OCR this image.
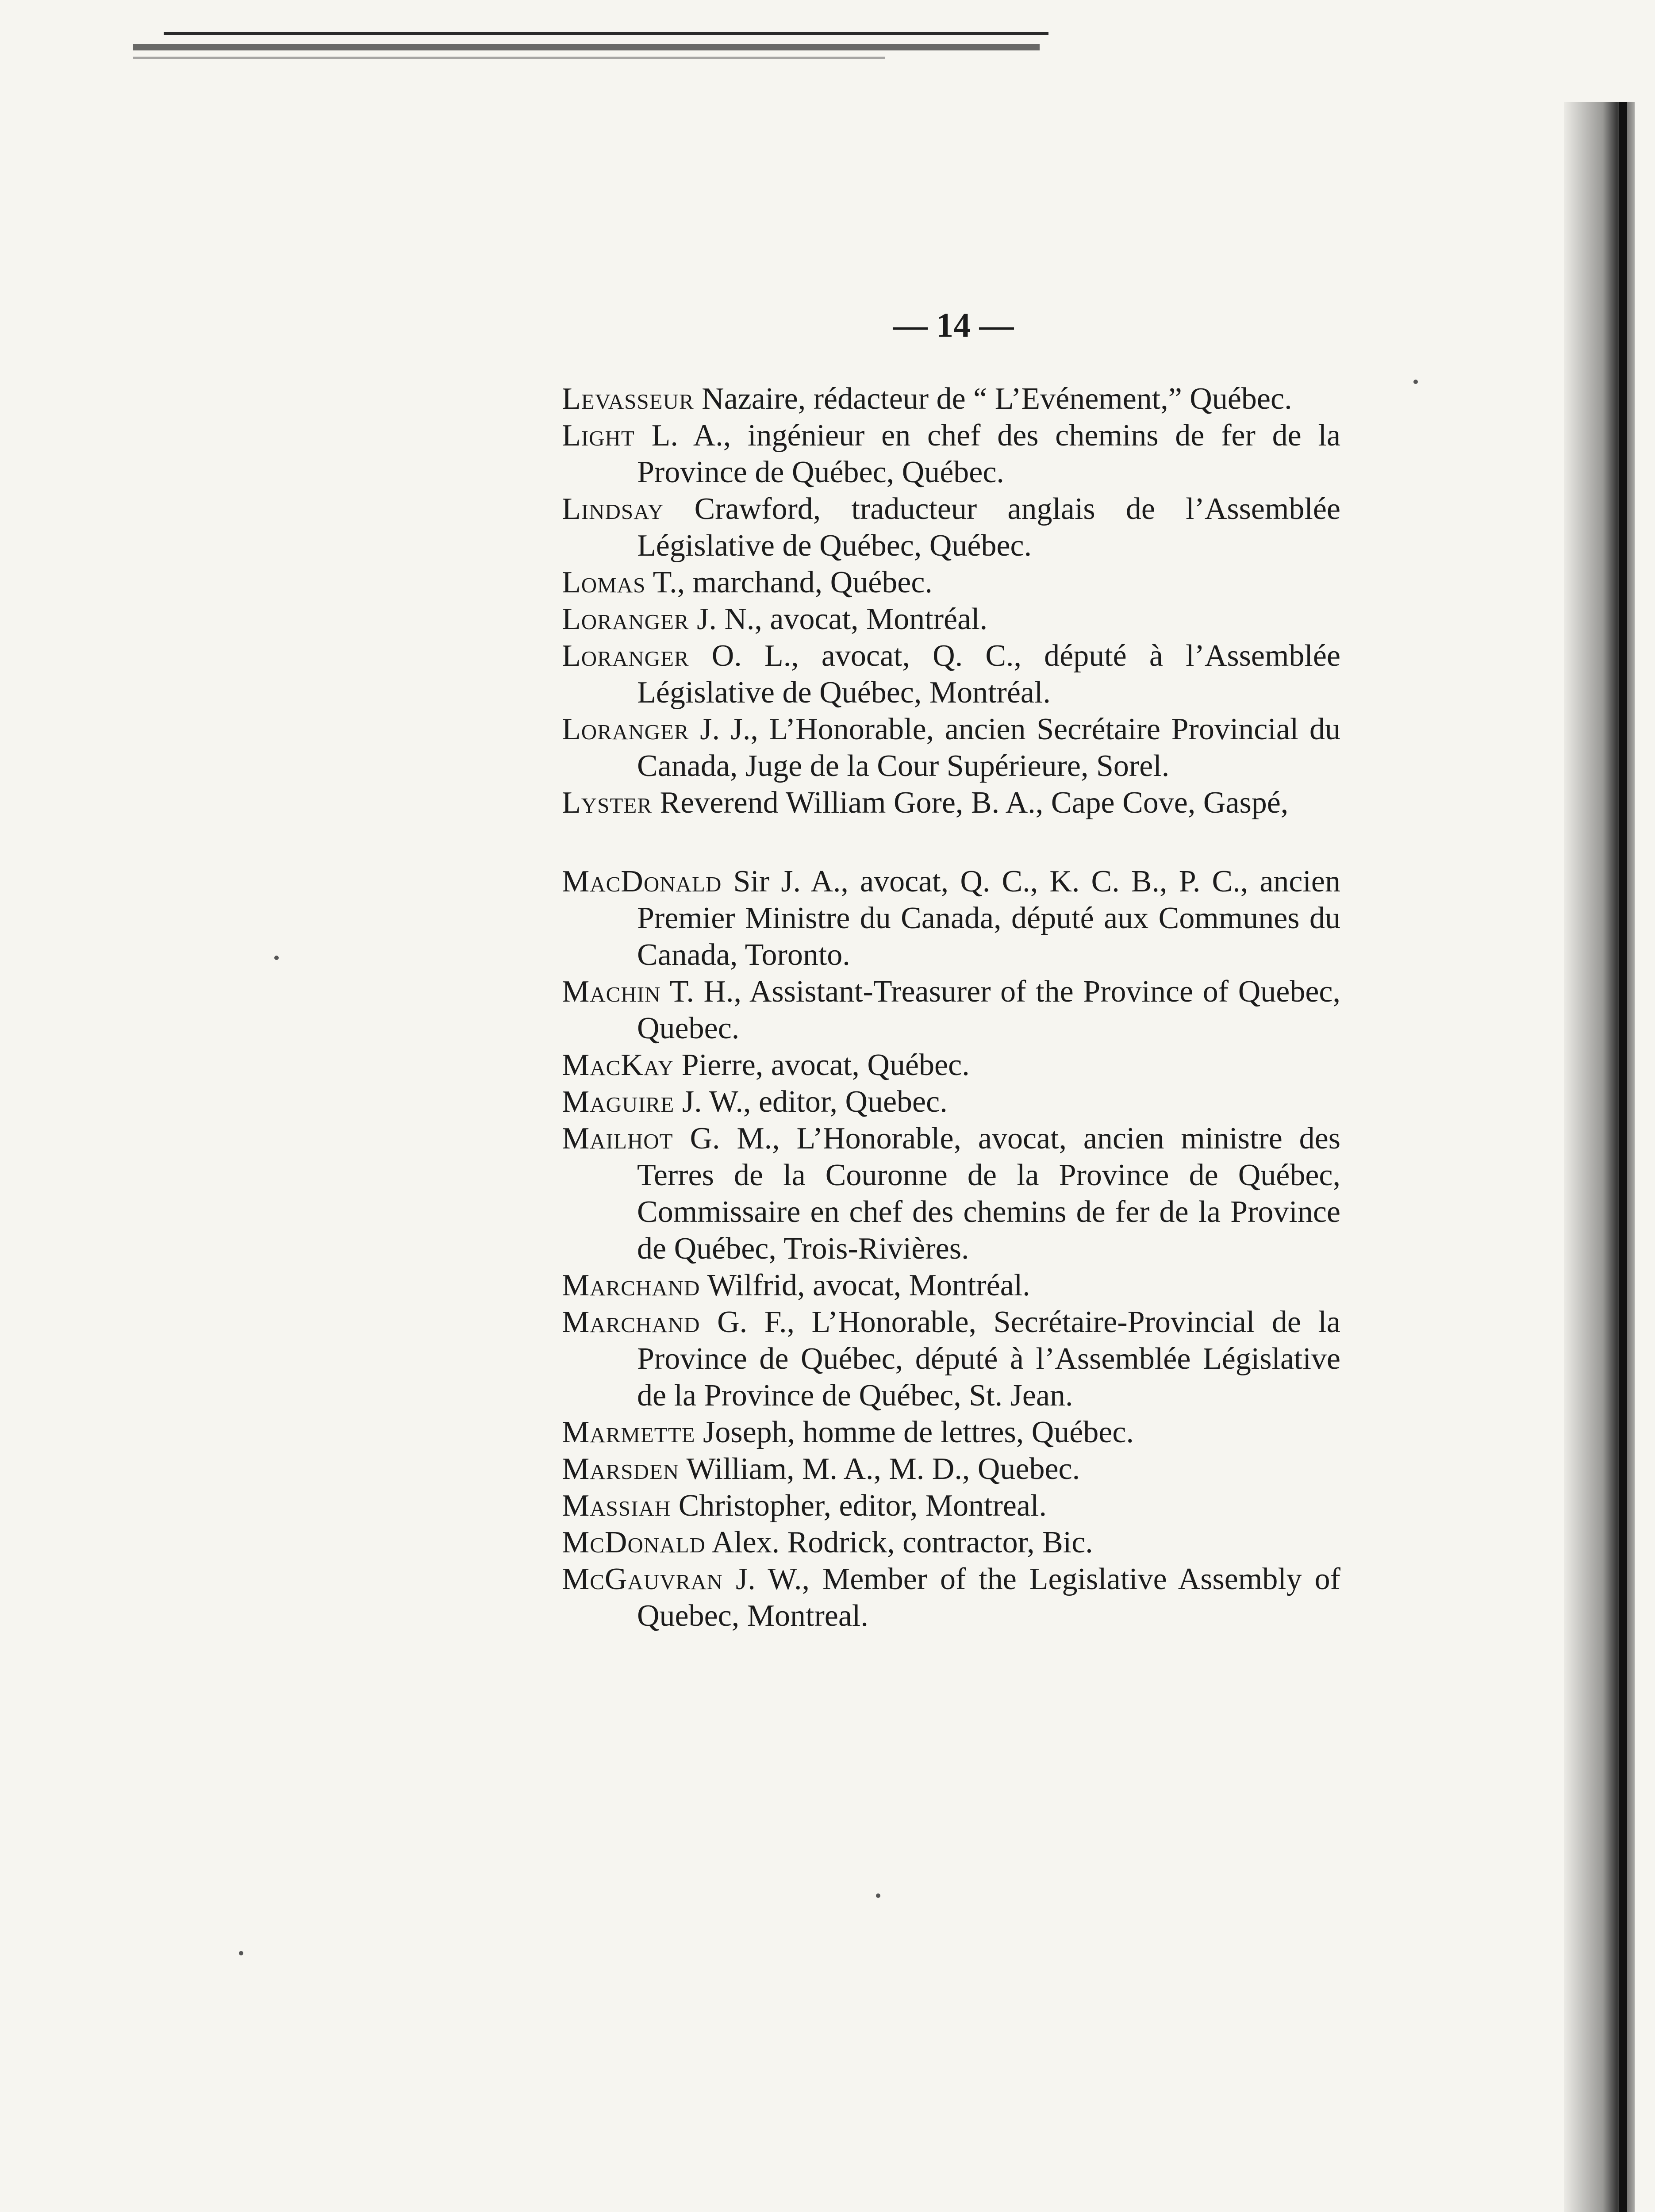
— 14 —

Levasseur Nazaire, rédacteur de “ L’Evénement,” Québec.

Light L. A., ingénieur en chef des chemins de fer de la Province de Québec, Québec.

Lindsay Crawford, traducteur anglais de l’Assemblée Législative de Québec, Québec.

Lomas T., marchand, Québec.

Loranger J. N., avocat, Montréal.

Loranger O. L., avocat, Q. C., député à l’Assemblée Législative de Québec, Montréal.

Loranger J. J., L’Honorable, ancien Secrétaire Provincial du Canada, Juge de la Cour Supérieure, Sorel.

Lyster Reverend William Gore, B. A., Cape Cove, Gaspé,

MacDonald Sir J. A., avocat, Q. C., K. C. B., P. C., ancien Premier Ministre du Canada, député aux Communes du Canada, Toronto.

Machin T. H., Assistant-Treasurer of the Province of Quebec, Quebec.

MacKay Pierre, avocat, Québec.

Maguire J. W., editor, Quebec.

Mailhot G. M., L’Honorable, avocat, ancien ministre des Terres de la Couronne de la Province de Québec, Commissaire en chef des chemins de fer de la Province de Québec, Trois-Rivières.

Marchand Wilfrid, avocat, Montréal.

Marchand G. F., L’Honorable, Secrétaire-Provincial de la Province de Québec, député à l’Assemblée Législative de la Province de Québec, St. Jean.

Marmette Joseph, homme de lettres, Québec.

Marsden William, M. A., M. D., Quebec.

Massiah Christopher, editor, Montreal.

McDonald Alex. Rodrick, contractor, Bic.

McGauvran J. W., Member of the Legislative Assembly of Quebec, Montreal.
